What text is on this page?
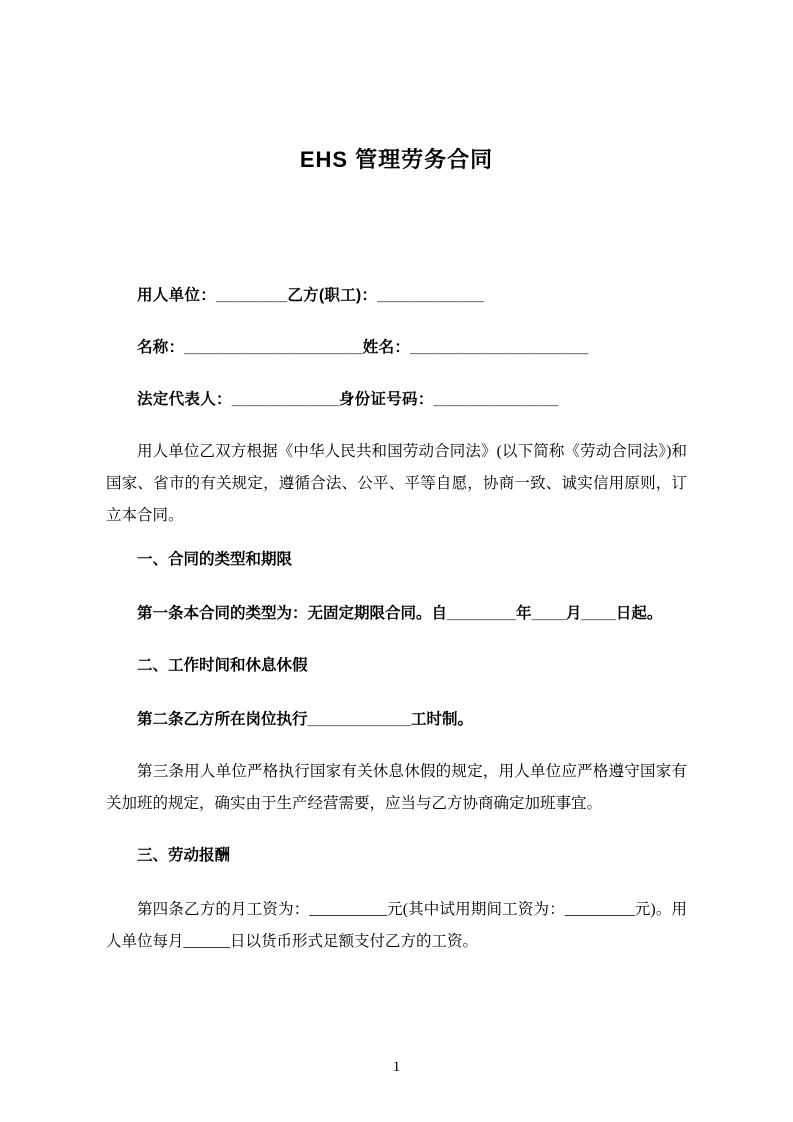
EHS 管理劳务合同

用人单位：________乙方(职工)：____________

名称：____________________姓名：____________________

法定代表人：____________身份证号码：______________

用人单位乙双方根据《中华人民共和国劳动合同法》(以下简称《劳动合同法》)和国家、省市的有关规定，遵循合法、公平、平等自愿，协商一致、诚实信用原则，订立本合同。

一、合同的类型和期限

第一条本合同的类型为：无固定期限合同。自________年____月____日起。

二、工作时间和休息休假

第二条乙方所在岗位执行____________工时制。

第三条用人单位严格执行国家有关休息休假的规定，用人单位应严格遵守国家有关加班的规定，确实由于生产经营需要，应当与乙方协商确定加班事宜。

三、劳动报酬

第四条乙方的月工资为：__________元(其中试用期间工资为：_________元)。用人单位每月______日以货币形式足额支付乙方的工资。

1
